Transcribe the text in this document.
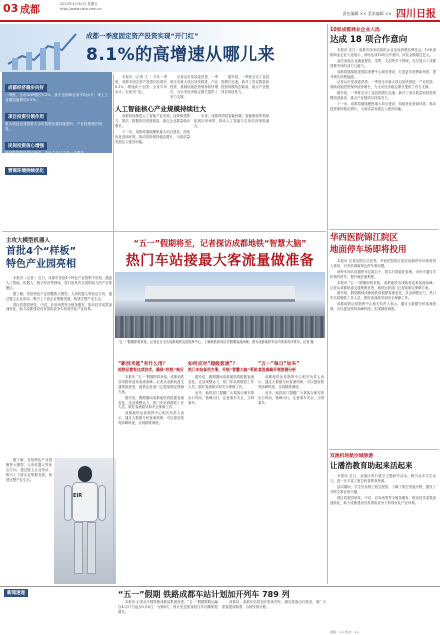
03 成都
2023年4月30日 星期日
http://www.cdrb.com.cn
责任编辑 ×× 美术编辑 ×× 四川日报
成都一季度固定资产投资实现“开门红”
8.1%的高增速从哪儿来
成都经济稳步向好
一季度，全市GDP增长5.2%，高于全国和全省平均水平；规上工业增加值增长4.5%。
项目投资引领作用
重大项目完成投资占全市投资比重持续提升，产业投资增长明显。
民间投资信心增强
民间投资增长超过两成，市场主体活力进一步激发。
营商环境持续优化
建立项目服务专员制度，全流程跟踪服务重点项目落地建设。

本报讯（记者 王 ）今年一季度，成都市固定资产投资同比增长8.1%，增速高于全国、全省平均水平，实现开门红。

记者从市发改委获悉，一季度全市重大项目加快推进，产业投资、基础设施投资保持较快增长，为全市经济稳定增长提供了有力支撑。

据介绍，一季度全市工业投资增长迅速，新开工项目数量和投资规模均创新高，重点产业链项目持续发力。

人工智能核心产业规模持续壮大

成都持续推进人工智能产业发展，加快构建算力、算法、数据协同发展格局，重点企业数量稳步增长。

下一步，成都将继续聚焦重大项目建设，持续优化营商环境，推动投资保持稳定增长，为高质量发展注入强劲动能。

未来，成都将围绕智能终端、智能制造等领域拓展应用场景，推动人工智能与实体经济深度融合。

主攻大模型机器人
首批4个“样板”
特色产业园亮相

本报讯（记者 ）近日，成都市首批4个特色产业园集中亮相，涵盖人工智能、机器人、数字经济等领域，将打造具有全国影响力的产业集聚区。

据了解，首批特色产业园聚焦大模型、人形机器人等前沿方向，通过链主企业带动，吸引上下游企业集聚发展，构建完整产业生态。

园区将提供研发、中试、应用场景等全链条服务，推动技术成果加速转化，助力成都建设具有国际竞争力的现代化产业体系。

据了解，首批特色产业园聚焦大模型、人形机器人等前沿方向，通过链主企业带动，吸引上下游企业集聚发展，构建完整产业生态。

EIR
“五一”假期将至，记者探访成都地铁“智慧大脑”
热门车站接最大客流量做准备
“五一”假期即将来临，记者近日走访成都地铁运营指挥中心，了解地铁如何应对假期客流高峰。图为成都地铁车站内乘客有序乘车。记者 摄
“新技术能”有什么用？
地铁运营有这项技术，确保“秒级”响应

本报讯 “五一”假期即将来临，成都地铁各线路将迎来客流高峰。记者从成都轨道交通集团获悉，地铁运营部门已提前制定保障方案。

据介绍，假期期间成都地铁将根据客流变化，灵活调整运力，热门车站将增派工作人员，做好客流疏导和安全保障工作。

成都地铁运营指挥中心相关负责人表示，通过大数据分析客流规律，可以提前预判高峰时段，实现精准调度。

如何应对“超级客流”？
热门车站备用方案，升级”智慧大脑”系统

据介绍，假期期间成都地铁将根据客流变化，灵活调整运力，热门车站将增派工作人员，做好客流疏导和安全保障工作。

此外，地铁部门提醒广大乘客合理安排出行时间，错峰出行，注意乘车安全，文明乘车。

“五一”每日“加车”
客流高峰开展预测分析

成都地铁运营指挥中心相关负责人表示，通过大数据分析客流规律，可以提前预判高峰时段，实现精准调度。

此外，地铁部门提醒广大乘客合理安排出行时间，错峰出行，注意乘车安全，文明乘车。

10家成都商业企业入选
达成 18 项合作意向

本报讯 近日，成都市商务局组织企业参加消费品博览会，10家成都商业企业入选展示，现场达成18项合作意向，涉及金额超过亿元。

此次参展企业涵盖餐饮、零售、文创等多个领域，充分展示了成都消费市场的活力与潜力。

成都将继续推进国际消费中心城市建设，打造更多消费新场景，提升城市消费能级。

记者从市发改委获悉，一季度全市重大项目加快推进，产业投资、基础设施投资保持较快增长，为全市经济稳定增长提供了有力支撑。

据介绍，一季度全市工业投资增长迅速，新开工项目数量和投资规模均创新高，重点产业链项目持续发力。

下一步，成都将继续聚焦重大项目建设，持续优化营商环境，推动投资保持稳定增长，为高质量发展注入强劲动能。

华西医院锦江院区
地面停车场即将投用

本报讯 记者从锦江区获悉，华西医院锦江院区地面停车场即将投入使用，可有效缓解周边停车难问题。

该停车场共设置停车位数百个，将实行智能化管理，市民可通过手机预约停车，提升就医便利度。

本报讯 “五一”假期即将来临，成都地铁各线路将迎来客流高峰。记者从成都轨道交通集团获悉，地铁运营部门已提前制定保障方案。

据介绍，假期期间成都地铁将根据客流变化，灵活调整运力，热门车站将增派工作人员，做好客流疏导和安全保障工作。

成都地铁运营指挥中心相关负责人表示，通过大数据分析客流规律，可以提前预判高峰时段，实现精准调度。

双流机场航空城旅游
让潘浩教育助起来活起来

本报讯 近日，双流区举行航空主题研学活动，吸引众多学生参与，进一步丰富了航空科普教育资源。

活动期间，学生们参观了航空展馆，了解了航空发展历程，激发了对航空事业的兴趣。

园区将提供研发、中试、应用场景等全链条服务，推动技术成果加速转化，助力成都建设具有国际竞争力的现代化产业体系。

新闻速递	“五一”假期 铁路成都车站计划加开列车 789 列

本报讯 记者从中国铁路成都局集团获悉，“五一”假期铁路运输自4月27日起至5月4日，为期8天，预计发送旅客较往年同期明显增长。

成都站、成都东站将加开旅客列车，满足旅客出行需求，请广大旅客提前购票，合理安排行程。

排版：×× 校对：××
